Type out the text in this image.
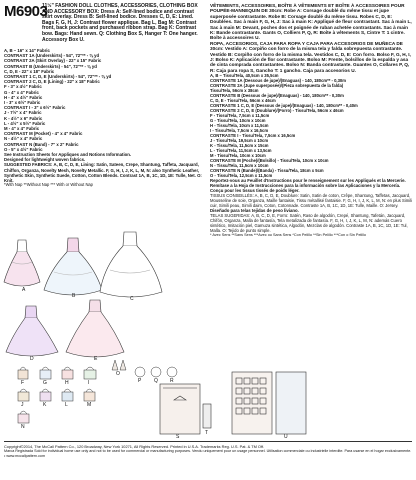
M6903
11½" FASHION DOLL CLOTHES, ACCESSORIES, CLOTHING BOX AND ACCESSORY BOX: Dress A: Self-lined bodice and contrast skirt overlay. Dress B: Self-lined bodice. Dresses C, D, E: Lined. Bags F, G, H, J: Contrast flower applique. Bag L, Bag M: Contrast front, back pockets and purchased ribbon strap. Bag K: Contrast bow. Bags: Hand sewn. Q: Clothing Box S, Hanger T: One hanger. Accessory Box U.
A, B – 16" x 14" Fabric
CONTRAST 1A (Underskirts) - 54", 72"** - ⅜ yd
CONTRAST 2A (Skirt Overlay) - 22" x 15" Fabric
CONTRAST B (Underskirts) - 54", 72"** - ⅜ yd
C, D, E - 22" x 18" Fabric
CONTRAST 1 C, D, E (Underskirts) - 54", 72"** - ⅜ yd
CONTRAST 2 C, D, E (Lining) - 22" x 18" Fabric
F - 3" x 4½" Fabric
G - 4" x 4" Fabric
H - 4" x 4½" Fabric
I - 3" x 6½" Fabric
CONTRAST I - 3" x 6½" Fabric
J - 7½" x 4" Fabric
K - 4½" x 6" Fabric
L - 4½" x 5½" Fabric
M - 4" x 4" Fabric
CONTRAST M (Pocket) - 4" x 4" Fabric
N - 4½" x 4" Fabric
CONTRAST N (Band) - 7" x 2" Fabric
O - 5" x 4½" Fabric
See Instruction Sheets for Appliques and Notions Information.
Designed for lightweight woven fabrics.
SUGGESTED FABRICS: A, B, C, D, E, Lining: Satin, Sateen, Crepe, Shantung, Taffeta, Jacquard, Chiffon, Organza, Novelty Mesh, Novelty Metallic. F, G, H, I, J, K, L, M, N: also Synthetic Leather, Synthetic Skin, Synthetic Suede, Cotton, Cotton Blends. Contrast 1A, B, 1C, 1D, 1E: Tulle, Net. O: Knit.
*With Nap **Without Nap *** With or Without Nap
VÊTEMENTS, ACCESSOIRES, BOÎTE À VÊTEMENTS ET BOÎTE À ACCESSOIRES POUR POUPÉE-MANNEQUIN DE 30cm: Robe A: Corsage doublé du même tissu et jupe superposée contrastante. Robe B: Corsage doublé du même tissu. Robes C, D, E: Doublées. Sac à main F, G, H, J: Sac à main K: Appliqué de fleur contrastant. Sac à main L, Sac à main M: Devant, poches dos et poignée de ruban achetée contrastants. Sac à main K: Bande contrastante. Gants O, Colliers P, Q, R: Boîte à vêtements S, Cintre T: 1 cintre. Boîte à accessoires U.
ROPA, ACCESORIOS, CAJA PARA ROPA Y CAJA PARA ACCESORIOS DE MUÑECA DE 30cm: Vestido A: Corpiño con forro de la misma tela y falda sobrepuesta contrastante. Vestido B: Corpiño con forro de la misma tela. Vestidos C, D, E: Con forro. Bolso F, G, H, I, J: Bolso K: Aplicación de flor contrastante. Bolso M: Frente, bolsillos de la espalda y asa de cinta comprada contrastantes. Bolso N: Banda contrastante. Guantes O, Collares P, Q, R: Caja para ropa S, Gancho T: 1 gancho. Caja para accesorios U.
A, B – Tissu/Tela, 40,5cm x 35,5cm
CONTRASTE 1A (Dessous de jupe)/(Enaguas) - 140, 180cm** - 0,30m
CONTRASTE 2A (Jupe superposée)/(Pieza sobrepuesta de la falda)
Tissu/Tela, 56cm x 38cm
CONTRASTE B (Dessous de jupe)/(Enaguas) - 140, 180cm** - 0,30m
C, D, E - Tissu/Tela, 56cm x 46cm
CONTRASTE 1 C, D, E (Dessous de jupe)/(Enaguas) - 140, 180cm** - 0,40m
CONTRASTE 2 C, D, E (Doublure)/(Forro) - Tissu/Tela, 56cm x 46cm
F - Tissu/Tela, 7,5cm x 11,5cm
G - Tissu/Tela, 10cm x 10cm
H - Tissu/Tela, 10cm x 11,5cm
I - Tissu/Tela, 7,5cm x 16,5cm
CONTRASTE I - Tissu/Tela, 7,5cm x 16,5cm
J - Tissu/Tela, 19,5cm x 10cm
K - Tissu/Tela, 11,5cm x 15cm
L - Tissu/Tela, 11,5cm x 13,5cm
M - Tissu/Tela, 10cm x 10cm
CONTRASTE M (Poche)/(Bolsillo) - Tissu/Tela, 10cm x 10cm
N - Tissu/Tela, 11,5cm x 10cm
CONTRASTE N (Bande)/(Banda) - Tissu/Tela, 18cm x 5cm
O - Tissu/Tela, 12,5cm x 11,5cm
Reportez-vous au Feuillet d'Instructions pour le renseignement sur les Appliqués et la Mercerie.
Remítase a la Hoja de Instrucciones para la información sobre las Aplicaciones y la Mercería.
Conçu pour les tissus tissés de poids léger.
TISSUS CONSEILLÉS: A, B, C, D, E, Doublure: Satin, Satin de coton, Crêpe, Shantung, Taffetas, Jacquard, Mousseline de soie, Organza, Maille fantaisie, Tissu métallisé fantaisie. F, G, H, I, J, K, L, M, N: en plus Simili cuir, Simili peau, Simili daim, Coton, Cotonnade. Contraste 1A, B, 1C, 1D, 1E: Tulle, Maille. O: Jersey.
Diseñado para telas tejidas de peso liviano.
TELAS SUGERIDAS: A, B, C, D, E, Forro: Satén, Raso de algodón, Crepé, Shantung, Tafetán, Jacquard, Chifón, Organza, Malla de fantasía, Tela metalizada de fantasía. F, G, H, I, J, K, L, M, N: además Cuero sintético, Imitación piel, Gamuza sintética, Algodón, Mezclas de algodón. Contraste 1A, B, 1C, 1D, 1E: Tul, Malla. O: Tejido de punto simple.
* Avec Sens **Sans Sens ***Avec ou Sans Sens *Con Pelillo **Sin Pelillo ***Con o Sin Pelillo
A
B	C
D	E
F	G	H	I
J	K	L	M
N
O
P	Q R
S
T
U
Copyright©2014, The McCall Pattern Co., 120 Broadway, New York 10271, All Rights Reserved. Printed in U.S.A. Trademarks Reg. U.S. Pat. & TM Off.
Marca Registrada Sold for individual home use only and not to be used for commercial or manufacturing purposes. Vendu uniquement pour un usage personnel. Utilisation commerciale ou industrielle interdite. Para usarse en el hogar exclusivamente. • www.mccallpattern.com
